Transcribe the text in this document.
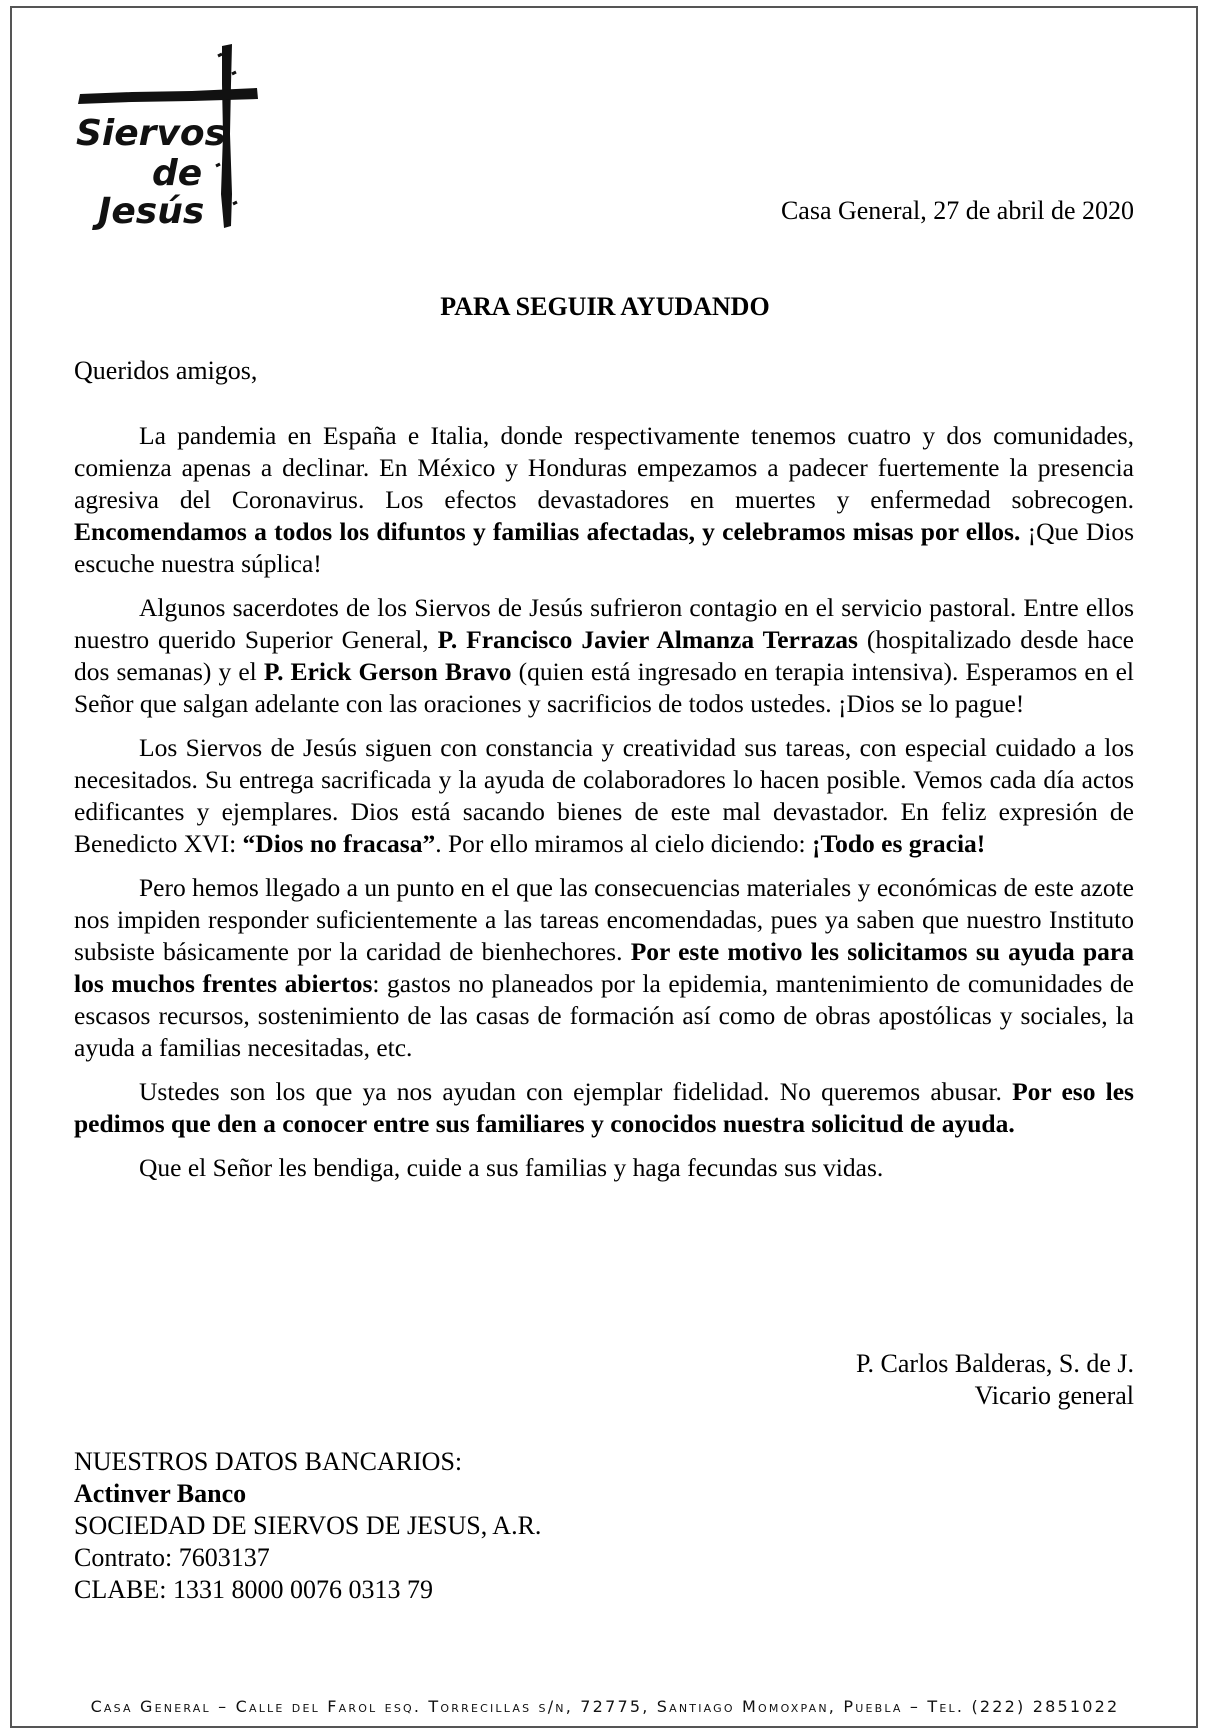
Siervos
de
Jesús	Casa General, 27 de abril de 2020
PARA SEGUIR AYUDANDO
Queridos amigos,

La pandemia en España e Italia, donde respectivamente tenemos cuatro y dos comunidades, comienza apenas a declinar. En México y Honduras empezamos a padecer fuertemente la presencia agresiva del Coronavirus. Los efectos devastadores en muertes y enfermedad sobrecogen. Encomendamos a todos los difuntos y familias afectadas, y celebramos misas por ellos. ¡Que Dios escuche nuestra súplica!

Algunos sacerdotes de los Siervos de Jesús sufrieron contagio en el servicio pastoral. Entre ellos nuestro querido Superior General, P. Francisco Javier Almanza Terrazas (hospitalizado desde hace dos semanas) y el P. Erick Gerson Bravo (quien está ingresado en terapia intensiva). Esperamos en el Señor que salgan adelante con las oraciones y sacrificios de todos ustedes. ¡Dios se lo pague!

Los Siervos de Jesús siguen con constancia y creatividad sus tareas, con especial cuidado a los necesitados. Su entrega sacrificada y la ayuda de colaboradores lo hacen posible. Vemos cada día actos edificantes y ejemplares. Dios está sacando bienes de este mal devastador. En feliz expresión de Benedicto XVI: “Dios no fracasa”. Por ello miramos al cielo diciendo: ¡Todo es gracia!

Pero hemos llegado a un punto en el que las consecuencias materiales y económicas de este azote nos impiden responder suficientemente a las tareas encomendadas, pues ya saben que nuestro Instituto subsiste básicamente por la caridad de bienhechores. Por este motivo les solicitamos su ayuda para los muchos frentes abiertos: gastos no planeados por la epidemia, mantenimiento de comunidades de escasos recursos, sostenimiento de las casas de formación así como de obras apostólicas y sociales, la ayuda a familias necesitadas, etc.

Ustedes son los que ya nos ayudan con ejemplar fidelidad. No queremos abusar. Por eso les pedimos que den a conocer entre sus familiares y conocidos nuestra solicitud de ayuda.

Que el Señor les bendiga, cuide a sus familias y haga fecundas sus vidas.

P. Carlos Balderas, S. de J.
Vicario general
NUESTROS DATOS BANCARIOS:
Actinver Banco
SOCIEDAD DE SIERVOS DE JESUS, A.R.
Contrato: 7603137
CLABE: 1331 8000 0076 0313 79
Casa General – Calle del Farol esq. Torrecillas s/n, 72775, Santiago Momoxpan, Puebla – Tel. (222) 2851022
